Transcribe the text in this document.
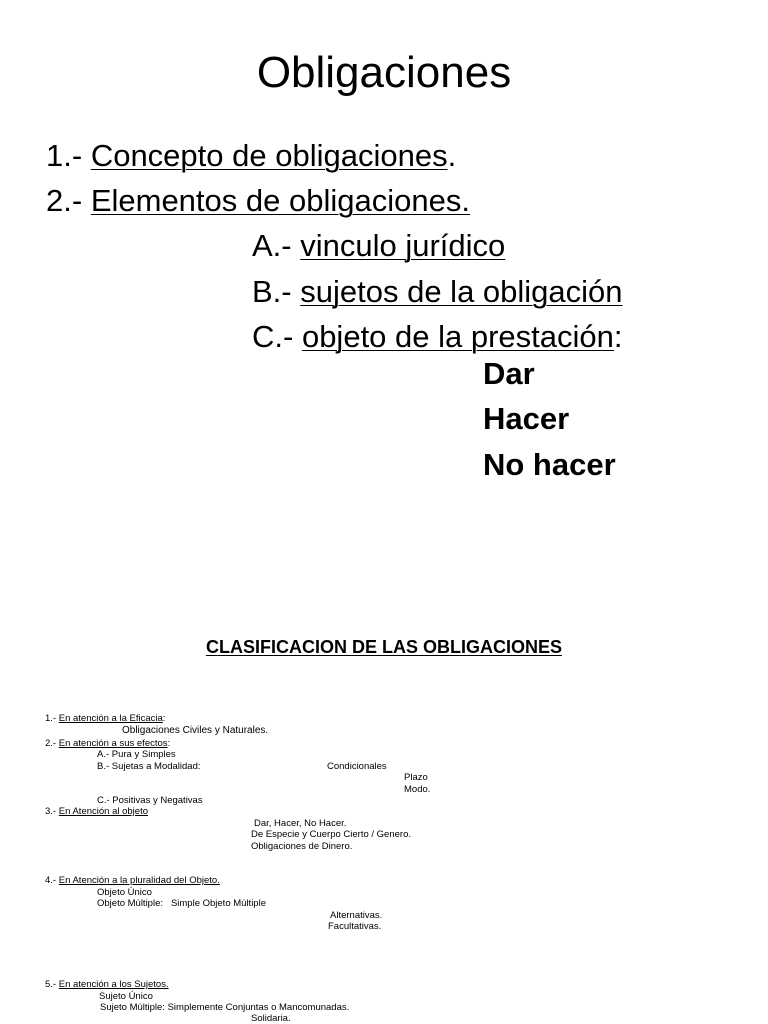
Obligaciones
1.- Concepto de obligaciones.
2.- Elementos de obligaciones.
A.- vinculo jurídico
B.- sujetos de la obligación
C.- objeto de la prestación:
Dar
Hacer
No hacer
CLASIFICACION DE LAS OBLIGACIONES
1.- En atención a la Eficacia:
Obligaciones Civiles y Naturales.
2.- En atención a sus efectos:
A.- Pura y Simples
B.- Sujetas a Modalidad:	Condicionales
Plazo
Modo.
C.- Positivas y Negativas
3.- En Atención al objeto
Dar, Hacer, No Hacer.
De Especie y Cuerpo Cierto / Genero.
Obligaciones de Dinero.
4.- En Atención a la pluralidad del Objeto.
Objeto Único
Objeto Múltiple: Simple Objeto Múltiple
Alternativas.
Facultativas.
5.- En atención a los Sujetos.
Sujeto Único
Sujeto Múltiple: Simplemente Conjuntas o Mancomunadas.
Solidaria.
